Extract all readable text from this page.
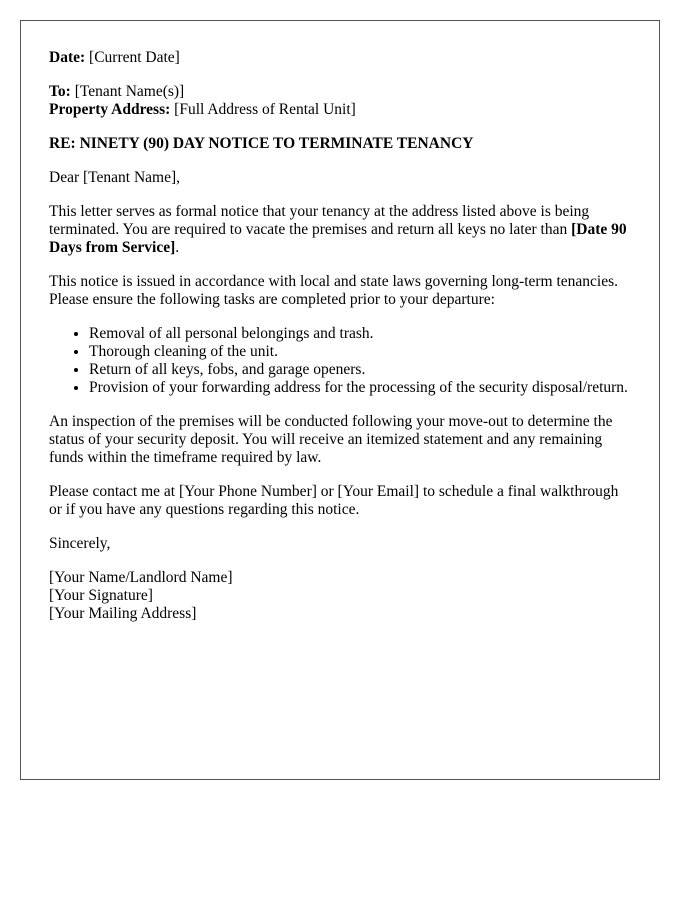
Date: [Current Date]

To: [Tenant Name(s)]

Property Address: [Full Address of Rental Unit]

RE: NINETY (90) DAY NOTICE TO TERMINATE TENANCY

Dear [Tenant Name],

This letter serves as formal notice that your tenancy at the address listed above is being terminated. You are required to vacate the premises and return all keys no later than [Date 90 Days from Service].

This notice is issued in accordance with local and state laws governing long-term tenancies. Please ensure the following tasks are completed prior to your departure:

• Removal of all personal belongings and trash.
• Thorough cleaning of the unit.
• Return of all keys, fobs, and garage openers.
• Provision of your forwarding address for the processing of the security disposal/return.

An inspection of the premises will be conducted following your move-out to determine the status of your security deposit. You will receive an itemized statement and any remaining funds within the timeframe required by law.

Please contact me at [Your Phone Number] or [Your Email] to schedule a final walkthrough or if you have any questions regarding this notice.

Sincerely,

[Your Name/Landlord Name]
[Your Signature]
[Your Mailing Address]
